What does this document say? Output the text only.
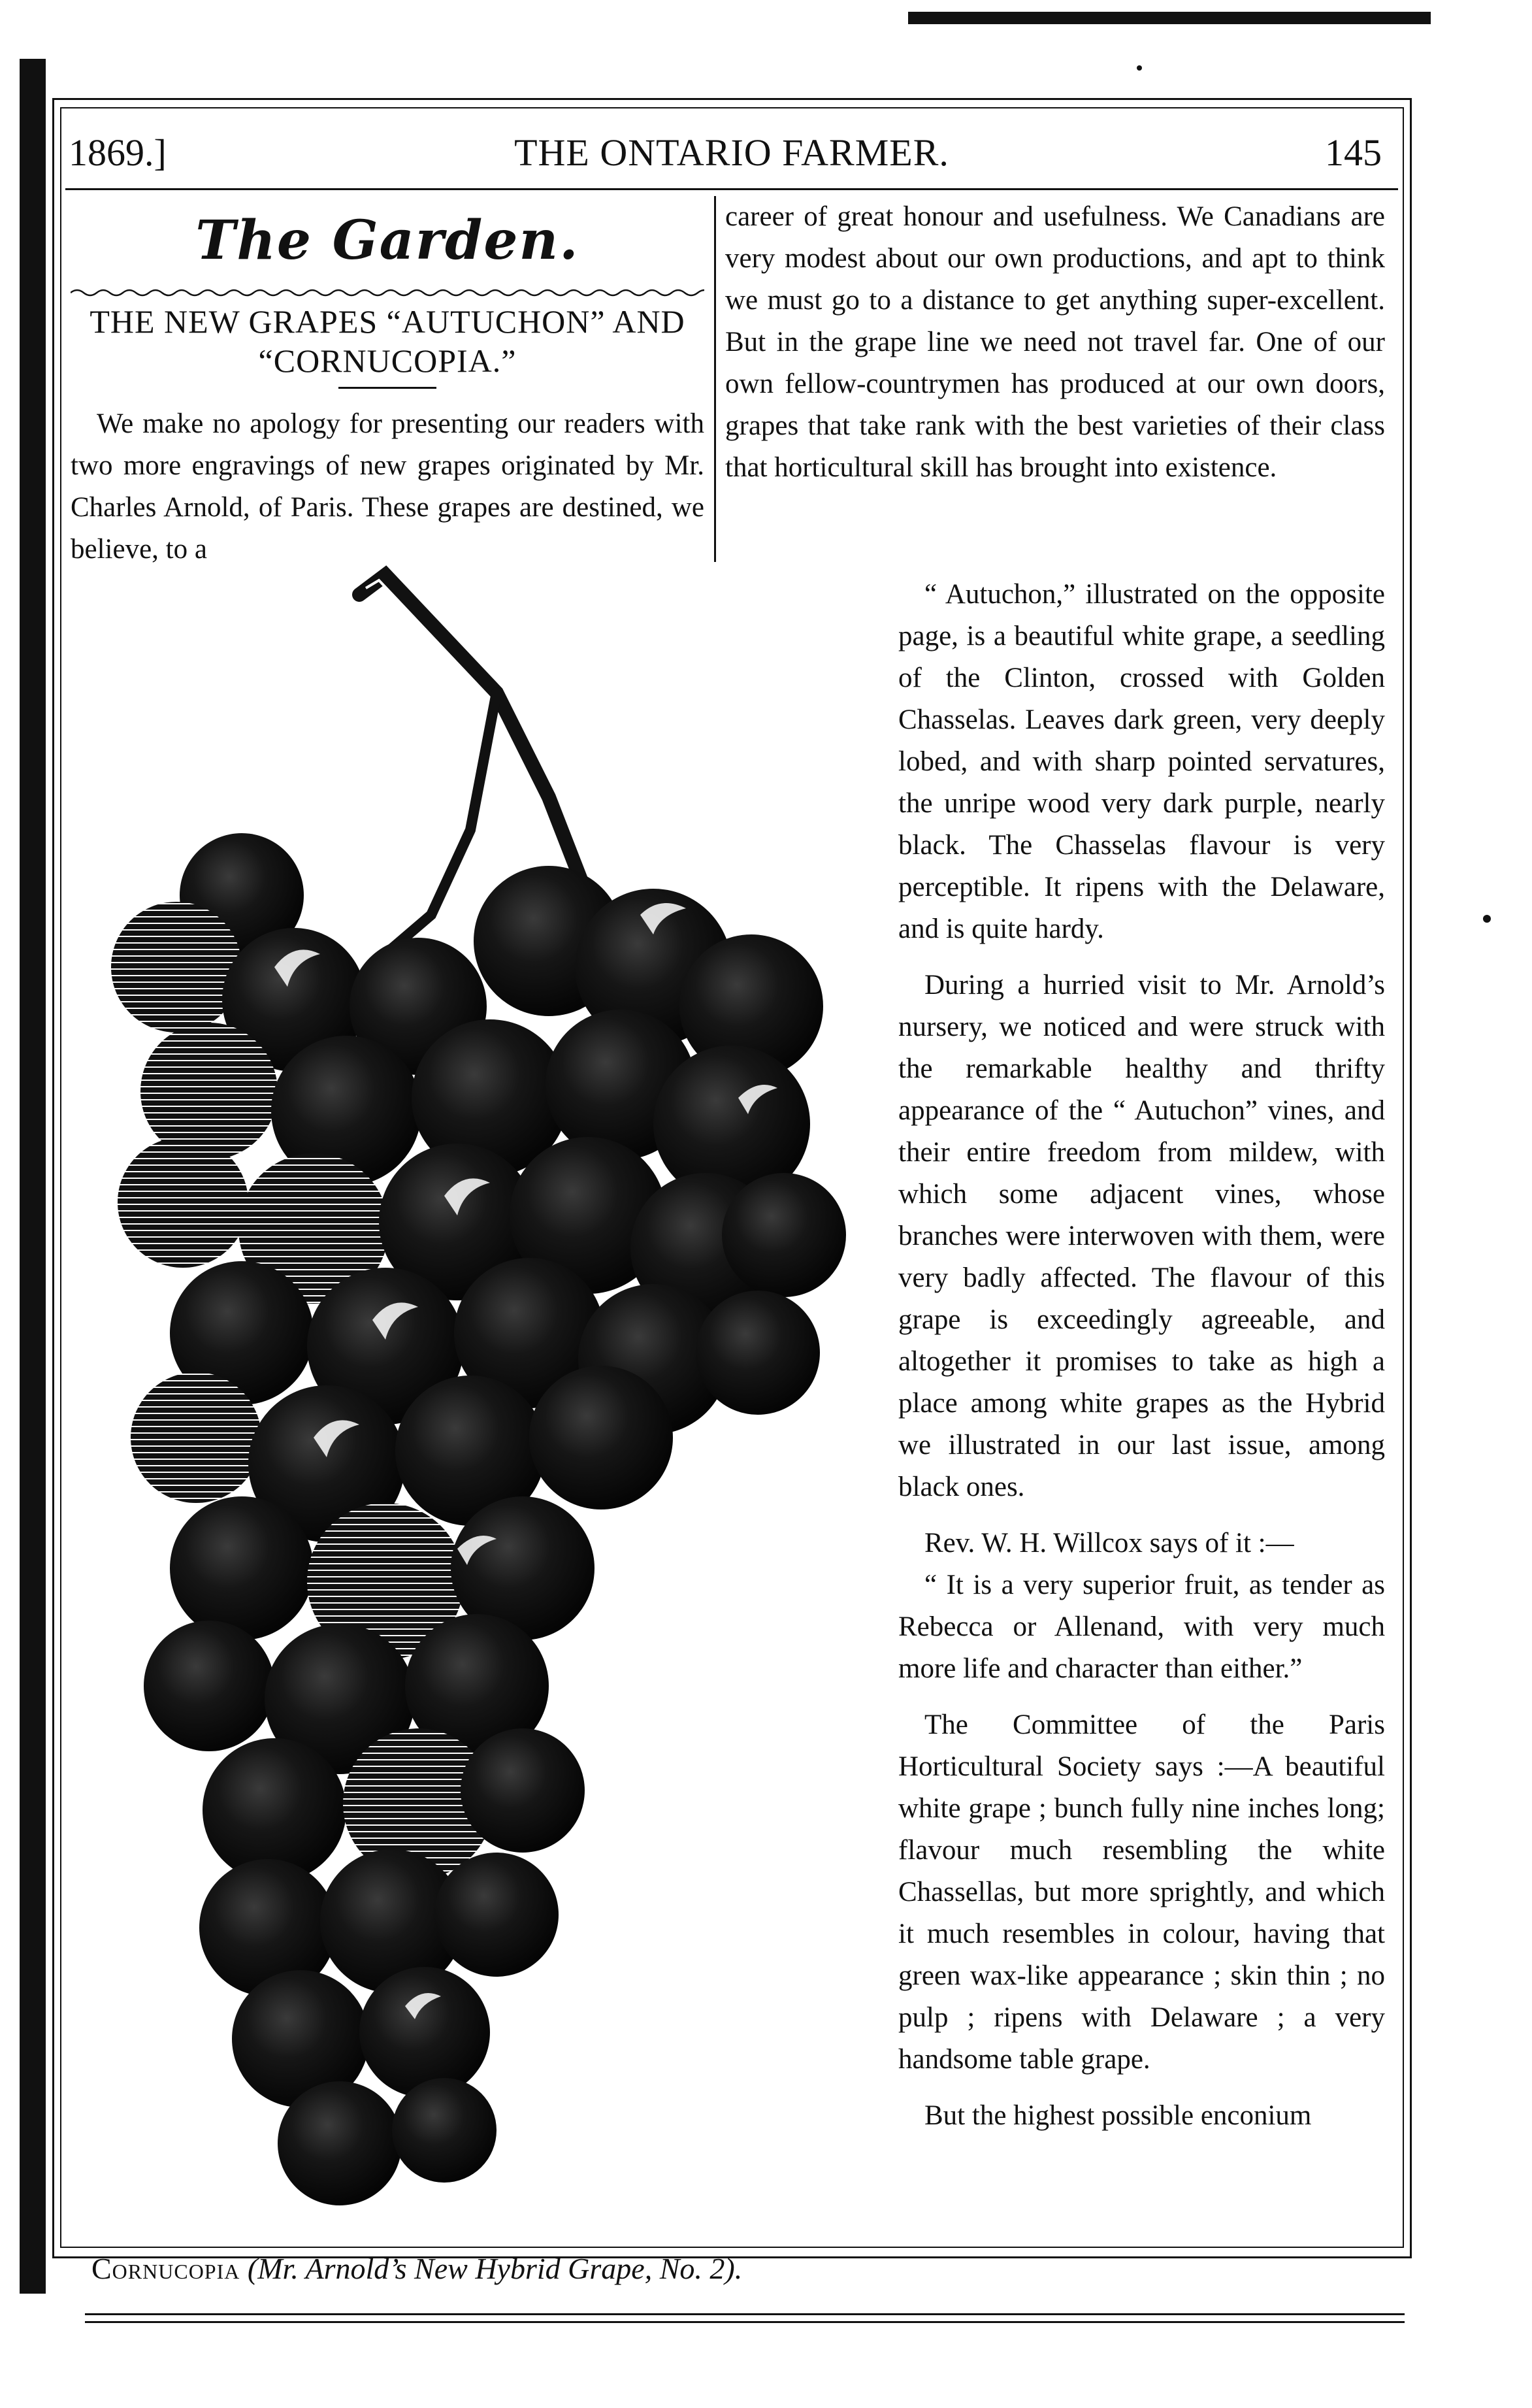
1869.]	THE ONTARIO FARMER.	145
The Garden.
THE NEW GRAPES “AUTUCHON” AND
“CORNUCOPIA.”

We make no apology for presenting our readers with two more engravings of new grapes originated by Mr. Charles Arnold, of Paris. These grapes are destined, we believe, to a

career of great honour and usefulness. We Canadians are very modest about our own productions, and apt to think we must go to a distance to get anything super-excellent. But in the grape line we need not travel far. One of our own fellow-countrymen has produced at our own doors, grapes that take rank with the best varieties of their class that horticultural skill has brought into existence.

“ Autuchon,” illustrated on the opposite page, is a beautiful white grape, a seedling of the Clinton, crossed with Golden Chasselas. Leaves dark green, very deeply lobed, and with sharp pointed servatures, the unripe wood very dark purple, nearly black. The Chasselas flavour is very perceptible. It ripens with the Delaware, and is quite hardy.

During a hurried visit to Mr. Arnold’s nursery, we noticed and were struck with the remarkable healthy and thrifty appearance of the “ Autuchon” vines, and their entire freedom from mildew, with which some adjacent vines, whose branches were interwoven with them, were very badly affected. The flavour of this grape is exceedingly agreeable, and altogether it promises to take as high a place among white grapes as the Hybrid we illustrated in our last issue, among black ones.

Rev. W. H. Willcox says of it :—

“ It is a very superior fruit, as tender as Rebecca or Allenand, with very much more life and character than either.”

The Committee of the Paris Horticultural Society says :—A beautiful white grape ; bunch fully nine inches long; flavour much resembling the white Chassellas, but more sprightly, and which it much resembles in colour, having that green wax-like appearance ; skin thin ; no pulp ; ripens with Delaware ; a very handsome table grape.

But the highest possible enconium

Cornucopia (Mr. Arnold’s New Hybrid Grape, No. 2).
